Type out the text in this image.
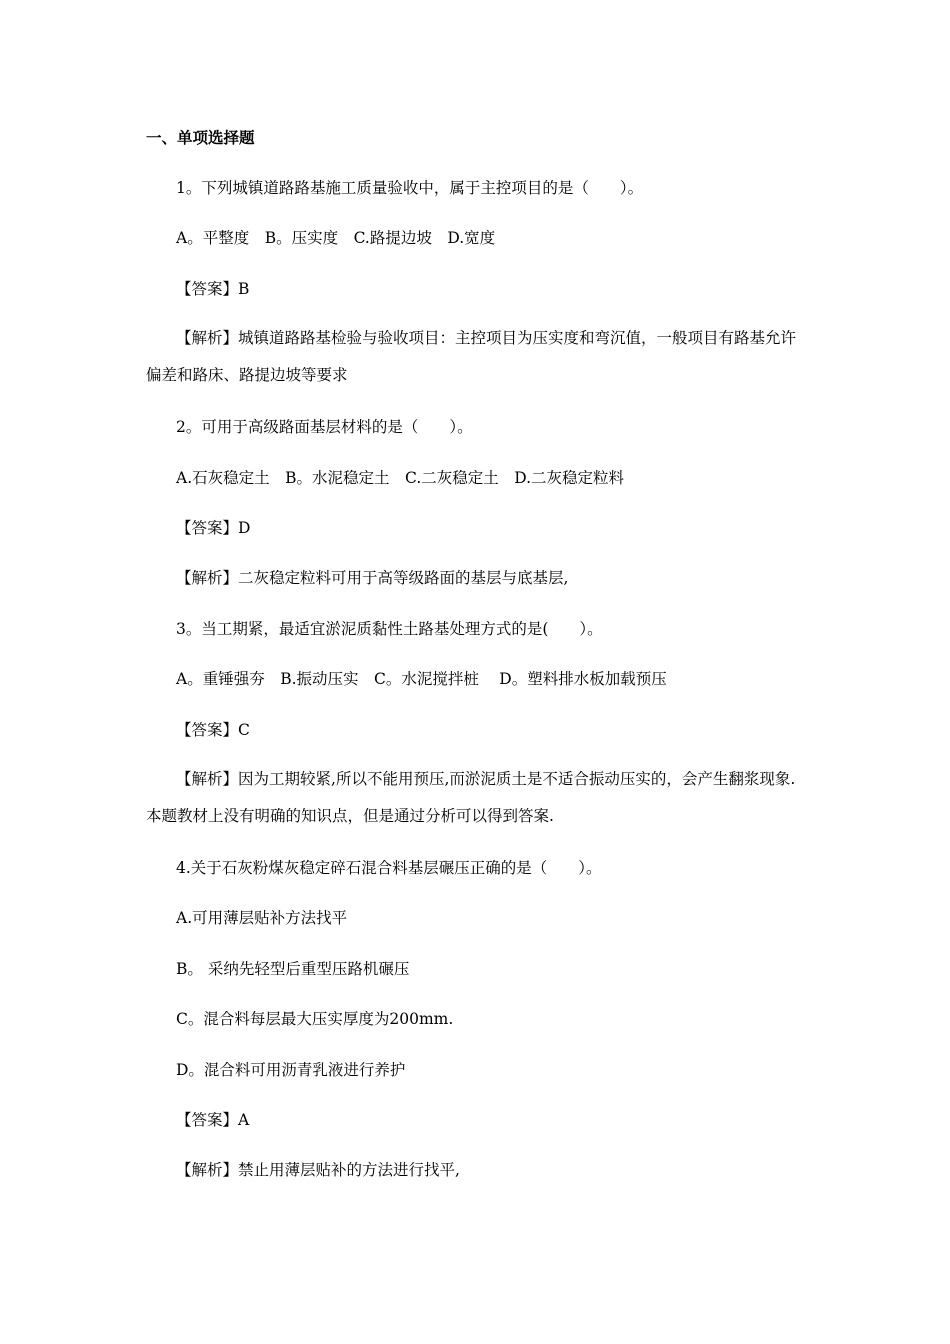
一、单项选择题
1。下列城镇道路路基施工质量验收中，属于主控项目的是（　　）。
A。平整度　B。压实度　C.路提边坡　D.宽度
【答案】B
【解析】城镇道路路基检验与验收项目：主控项目为压实度和弯沉值，一般项目有路基允许偏差和路床、路提边坡等要求
2。可用于高级路面基层材料的是（　　）。
A.石灰稳定土　B。水泥稳定土　C.二灰稳定土　D.二灰稳定粒料
【答案】D
【解析】二灰稳定粒料可用于高等级路面的基层与底基层,
3。当工期紧，最适宜淤泥质黏性土路基处理方式的是(　　）。
A。重锤强夯　B.振动压实　C。水泥搅拌桩　 D。塑料排水板加载预压
【答案】C
【解析】因为工期较紧,所以不能用预压,而淤泥质土是不适合振动压实的，会产生翻浆现象.本题教材上没有明确的知识点，但是通过分析可以得到答案.
4.关于石灰粉煤灰稳定碎石混合料基层碾压正确的是（　　）。
A.可用薄层贴补方法找平
B。 采纳先轻型后重型压路机碾压
C。混合料每层最大压实厚度为200mm.
D。混合料可用沥青乳液进行养护
【答案】A
【解析】禁止用薄层贴补的方法进行找平,
